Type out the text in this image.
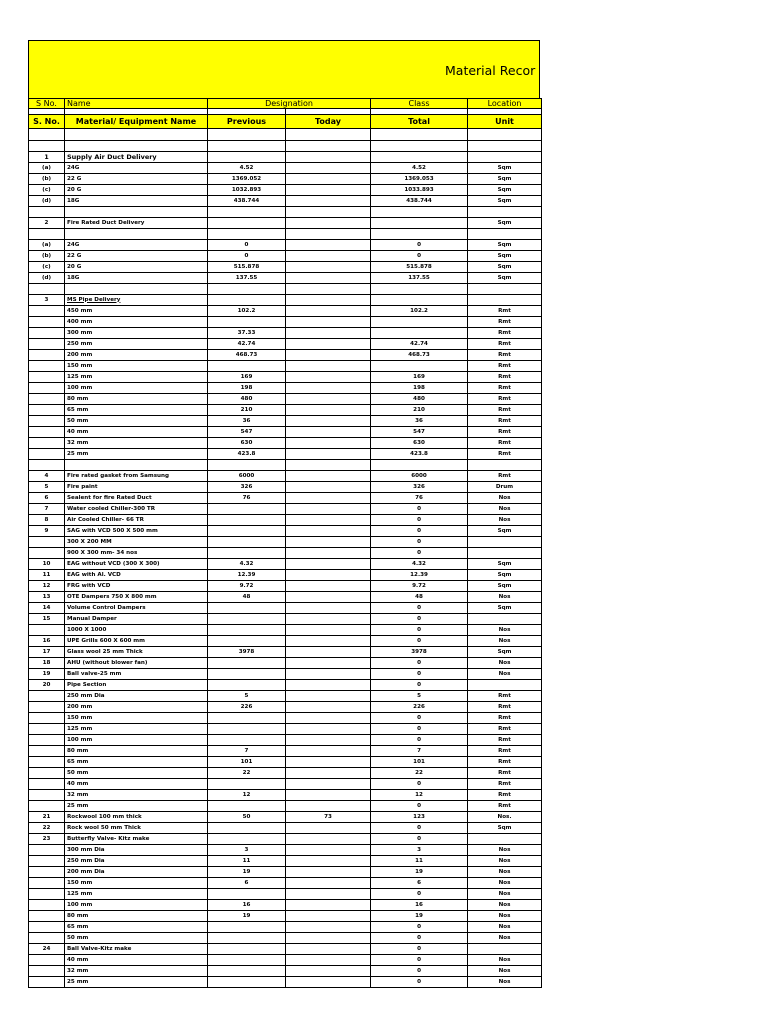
Material Recor
S No.	Name	Designation		Class	Location

S. No.	Material/ Equipment Name	Previous	Today	Total	Unit

1	Supply Air Duct Delivery				
(a)	24G	4.52		4.52	Sqm
(b)	22 G	1369.052		1369.053	Sqm
(c)	20 G	1032.893		1033.893	Sqm
(d)	18G	438.744		438.744	Sqm

2	Fire Rated Duct Delivery				Sqm

(a)	24G	0		0	Sqm
(b)	22 G	0		0	Sqm
(c)	20 G	515.878		515.878	Sqm
(d)	18G	137.55		137.55	Sqm

3	MS Pipe Delivery				
	450 mm	102.2		102.2	Rmt
	400 mm				Rmt
	300 mm	37.33			Rmt
	250 mm	42.74		42.74	Rmt
	200 mm	468.73		468.73	Rmt
	150 mm				Rmt
	125 mm	169		169	Rmt
	100 mm	198		198	Rmt
	80 mm	480		480	Rmt
	65 mm	210		210	Rmt
	50 mm	36		36	Rmt
	40 mm	547		547	Rmt
	32 mm	630		630	Rmt
	25 mm	423.8		423.8	Rmt

4	Fire rated gasket from Samsung	6000		6000	Rmt
5	Fire paint	326		326	Drum
6	Sealent for fire Rated Duct	76		76	Nos
7	Water cooled Chiller-300 TR			0	Nos
8	Air Cooled Chiller- 66 TR			0	Nos
9	SAG with VCD 500 X 500 mm			0	Sqm
	300 X 200 MM			0	
	900 X 300 mm- 34 nos			0	
10	EAG without VCD (300 X 300)	4.32		4.32	Sqm
11	EAG with Al. VCD	12.39		12.39	Sqm
12	FRG with VCD	9.72		9.72	Sqm
13	OTE Dampers 750 X 800 mm	48		48	Nos
14	Volume Control Dampers			0	Sqm
15	Manual Damper			0	
	1000 X 1000			0	Nos
16	UPE Grills 600 X 600 mm			0	Nos
17	Glass wool 25 mm Thick	3978		3978	Sqm
18	AHU (without blower fan)			0	Nos
19	Ball valve-25 mm			0	Nos
20	Pipe Section			0	
	250 mm Dia	5		5	Rmt
	200 mm	226		226	Rmt
	150 mm			0	Rmt
	125 mm			0	Rmt
	100 mm			0	Rmt
	80 mm	7		7	Rmt
	65 mm	101		101	Rmt
	50 mm	22		22	Rmt
	40 mm			0	Rmt
	32 mm	12		12	Rmt
	25 mm			0	Rmt
21	Rockwool 100 mm thick	50	73	123	Nos.
22	Rock wool 50 mm Thick			0	Sqm
23	Butterfly Valve- Kitz make			0	
	300 mm Dia	3		3	Nos
	250 mm Dia	11		11	Nos
	200 mm Dia	19		19	Nos
	150 mm	6		6	Nos
	125 mm			0	Nos
	100 mm	16		16	Nos
	80 mm	19		19	Nos
	65 mm			0	Nos
	50 mm			0	Nos
24	Ball Valve-Kitz make			0	
	40 mm			0	Nos
	32 mm			0	Nos
	25 mm			0	Nos
